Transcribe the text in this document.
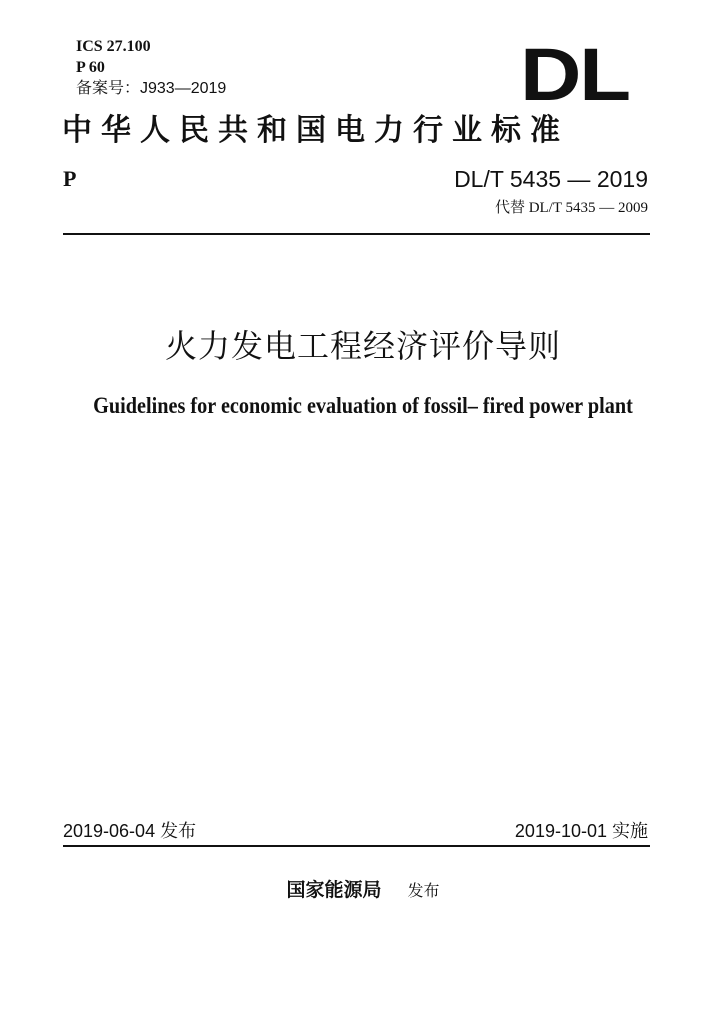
ICS 27.100
P 60
备案号：J933—2019	DL
中华人民共和国电力行业标准
P	DL/T 5435 — 2019
代替 DL/T 5435 — 2009
火力发电工程经济评价导则
Guidelines for economic evaluation of fossil– fired power plant
2019-06-04 发布	2019-10-01 实施
国家能源局 发布
